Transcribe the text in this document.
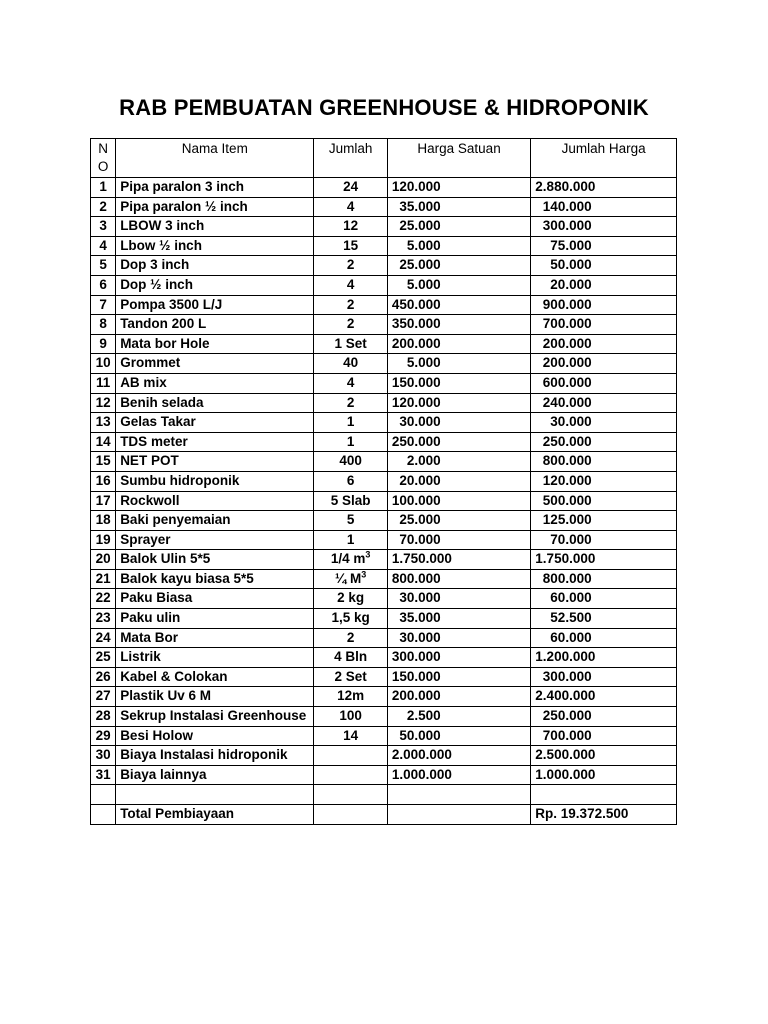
RAB PEMBUATAN GREENHOUSE & HIDROPONIK
N
O	Nama Item	Jumlah	Harga Satuan	Jumlah Harga
1	Pipa paralon 3 inch	24	120.000	2.880.000
2	Pipa paralon ½ inch	4	35.000	140.000
3	LBOW 3 inch	12	25.000	300.000
4	Lbow ½ inch	15	5.000	75.000
5	Dop 3 inch	2	25.000	50.000
6	Dop ½ inch	4	5.000	20.000
7	Pompa 3500 L/J	2	450.000	900.000
8	Tandon 200 L	2	350.000	700.000
9	Mata bor Hole	1 Set	200.000	200.000
10	Grommet	40	5.000	200.000
11	AB mix	4	150.000	600.000
12	Benih selada	2	120.000	240.000
13	Gelas Takar	1	30.000	30.000
14	TDS meter	1	250.000	250.000
15	NET POT	400	2.000	800.000
16	Sumbu hidroponik	6	20.000	120.000
17	Rockwoll	5 Slab	100.000	500.000
18	Baki penyemaian	5	25.000	125.000
19	Sprayer	1	70.000	70.000
20	Balok Ulin 5*5	1/4 $m^3$	1.750.000	1.750.000
21	Balok kayu biasa 5*5	¼ $M^3$	800.000	800.000
22	Paku Biasa	2 kg	30.000	60.000
23	Paku ulin	1,5 kg	35.000	52.500
24	Mata Bor	2	30.000	60.000
25	Listrik	4 Bln	300.000	1.200.000
26	Kabel & Colokan	2 Set	150.000	300.000
27	Plastik Uv 6 M	12m	200.000	2.400.000
28	Sekrup Instalasi Greenhouse	100	2.500	250.000
29	Besi Holow	14	50.000	700.000
30	Biaya Instalasi hidroponik		2.000.000	2.500.000
31	Biaya lainnya		1.000.000	1.000.000

	Total Pembiayaan			Rp. 19.372.500
